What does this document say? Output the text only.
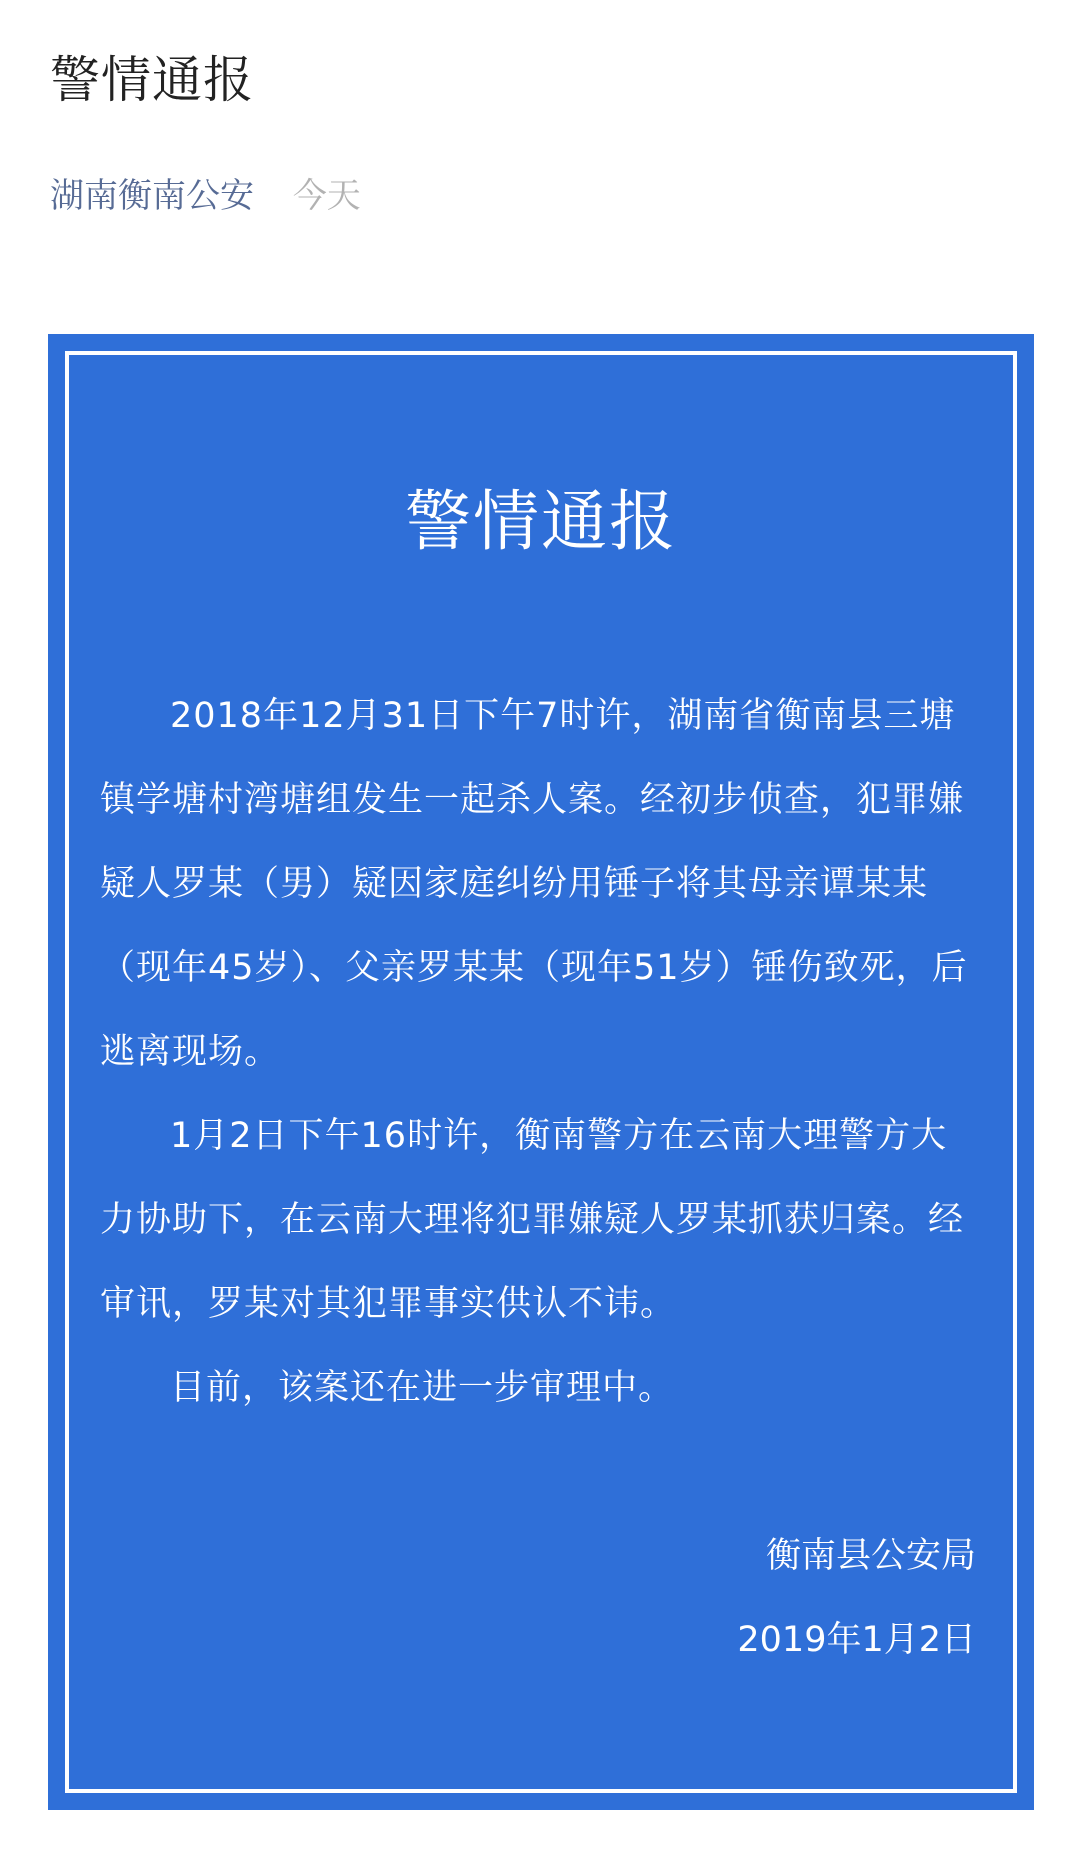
警情通报
湖南衡南公安 今天
警情通报

2018年12月31日下午7时许，湖南省衡南县三塘镇学塘村湾塘组发生一起杀人案。经初步侦查，犯罪嫌疑人罗某（男）疑因家庭纠纷用锤子将其母亲谭某某（现年45岁）、父亲罗某某（现年51岁）锤伤致死，后逃离现场。

1月2日下午16时许，衡南警方在云南大理警方大力协助下，在云南大理将犯罪嫌疑人罗某抓获归案。经审讯，罗某对其犯罪事实供认不讳。

目前，该案还在进一步审理中。

衡南县公安局
2019年1月2日
